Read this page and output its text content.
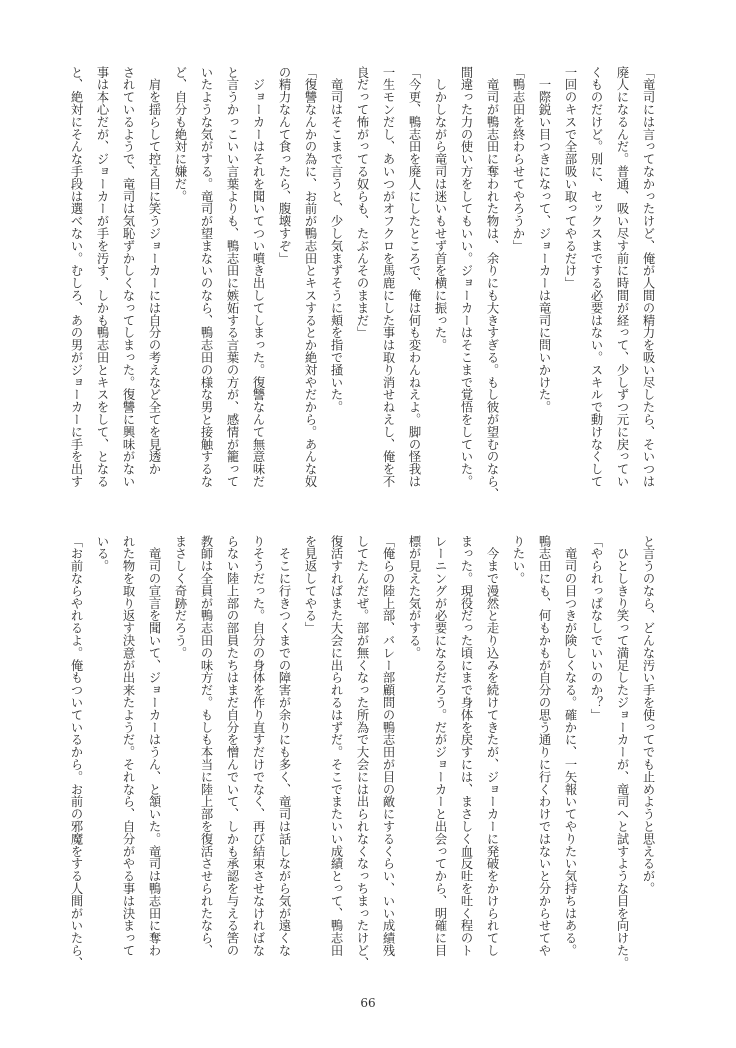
「竜司には言ってなかったけど、俺が人間の精力を吸い尽したら、そいつは
廃人になるんだ。普通、吸い尽す前に時間が経って、少しずつ元に戻ってい
くものだけど。別に、セックスまでする必要はない。スキルで動けなくして
一回のキスで全部吸い取ってやるだけ」
　一際鋭い目つきになって、ジョーカーは竜司に問いかけた。
「鴨志田を終わらせてやろうか」
　竜司が鴨志田に奪われた物は、余りにも大きすぎる。もし彼が望むのなら、
間違った力の使い方をしてもいい。ジョーカーはそこまで覚悟をしていた。
　しかしながら竜司は迷いもせず首を横に振った。
「今更、鴨志田を廃人にしたところで、俺は何も変わんねえよ。脚の怪我は
一生モンだし、あいつがオフクロを馬鹿にした事は取り消せねえし、俺を不
良だって怖がってる奴らも、たぶんそのままだ」
　竜司はそこまで言うと、少し気まずそうに頬を指で掻いた。
「復讐なんかの為に、お前が鴨志田とキスするとか絶対やだから。あんな奴
の精力なんて食ったら、腹壊すぞ」
　ジョーカーはそれを聞いてつい噴き出してしまった。復讐なんて無意味だ
と言うかっこいい言葉よりも、鴨志田に嫉妬する言葉の方が、感情が籠って
いたような気がする。竜司が望まないのなら、鴨志田の様な男と接触するな
ど、自分も絶対に嫌だ。
　肩を揺らして控え目に笑うジョーカーには自分の考えなど全てを見透か
されているようで、竜司は気恥ずかしくなってしまった。復讐に興味がない
事は本心だが、ジョーカーが手を汚す、しかも鴨志田とキスをして、となる
と、絶対にそんな手段は選べない。むしろ、あの男がジョーカーに手を出す
と言うのなら、どんな汚い手を使ってでも止めようと思えるが。
　ひとしきり笑って満足したジョーカーが、竜司へと試すような目を向けた。
「やられっぱなしでいいのか？」
　竜司の目つきが険しくなる。確かに、一矢報いてやりたい気持ちはある。
鴨志田にも、何もかもが自分の思う通りに行くわけではないと分からせてや
りたい。
　今まで漫然と走り込みを続けてきたが、ジョーカーに発破をかけられてし
まった。現役だった頃にまで身体を戻すには、まさしく血反吐を吐く程のト
レーニングが必要になるだろう。だがジョーカーと出会ってから、明確に目
標が見えた気がする。
「俺らの陸上部、バレー部顧問の鴨志田が目の敵にするくらい、いい成績残
してたんだぜ。部が無くなった所為で大会には出られなくなっちまったけど、
復活すればまた大会に出られるはずだ。そこでまたいい成績とって、鴨志田
を見返してやる」
　そこに行きつくまでの障害が余りにも多く、竜司は話しながら気が遠くな
りそうだった。自分の身体を作り直すだけでなく、再び結束させなければな
らない陸上部の部員たちはまだ自分を憎んでいて、しかも承認を与える筈の
教師は全員が鴨志田の味方だ。もしも本当に陸上部を復活させられたなら、
まさしく奇跡だろう。
　竜司の宣言を聞いて、ジョーカーはうん、と頷いた。竜司は鴨志田に奪わ
れた物を取り返す決意が出来たようだ。それなら、自分がやる事は決まって
いる。
「お前ならやれるよ。俺もついているから。お前の邪魔をする人間がいたら、
66
